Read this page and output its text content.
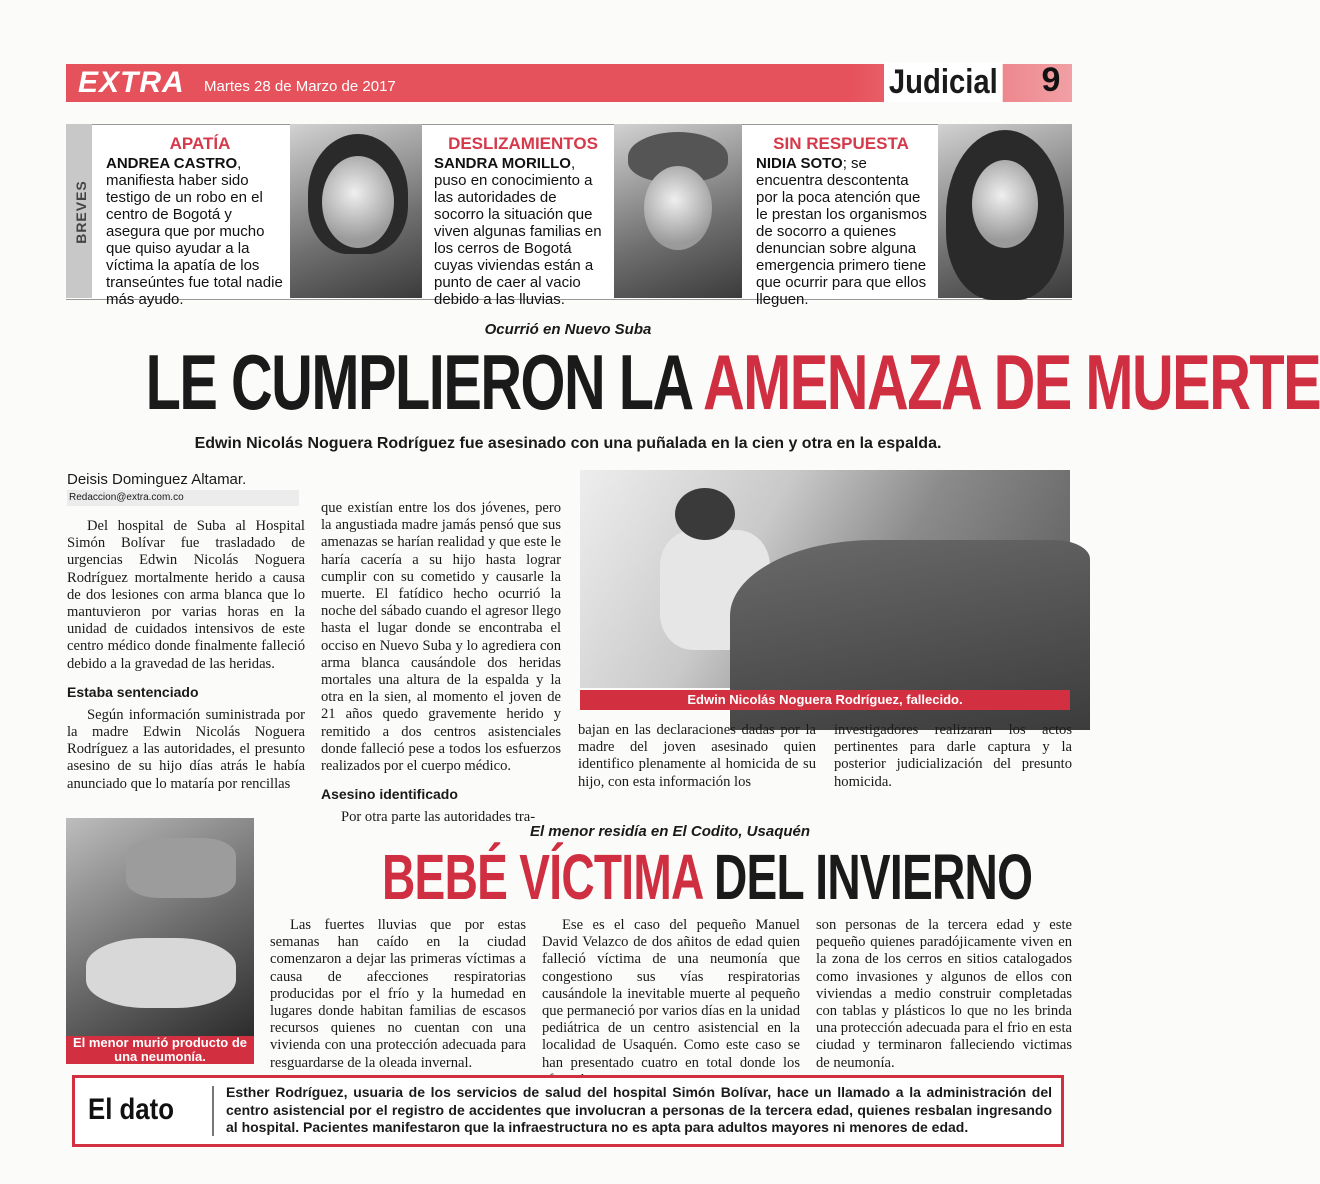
EXTRA Martes 28 de Marzo de 2017	Judicial	9
BREVES
APATÍA
ANDREA CASTRO, manifiesta haber sido testigo de un robo en el centro de Bogotá y asegura que por mucho que quiso ayudar a la víctima la apatía de los transeúntes fue total nadie más ayudo.
DESLIZAMIENTOS
SANDRA MORILLO, puso en conocimiento a las autoridades de socorro la situación que viven algunas familias en los cerros de Bogotá cuyas viviendas están a punto de caer al vacio debido a las lluvias.
SIN RESPUESTA
NIDIA SOTO; se encuentra descontenta por la poca atención que le prestan los organismos de socorro a quienes denuncian sobre alguna emergencia primero tiene que ocurrir para que ellos lleguen.
Ocurrió en Nuevo Suba
LE CUMPLIERON LA AMENAZA DE MUERTE
Edwin Nicolás Noguera Rodríguez fue asesinado con una puñalada en la cien y otra en la espalda.
Deisis Dominguez Altamar.
Redaccion@extra.com.co

Del hospital de Suba al Hospital Simón Bolívar fue trasladado de urgencias Edwin Nicolás Noguera Rodríguez mortalmente herido a causa de dos lesiones con arma blanca que lo mantuvieron por varias horas en la unidad de cuidados intensivos de este centro médico donde finalmente falleció debido a la gravedad de las heridas.

Estaba sentenciado

Según información suministrada por la madre Edwin Nicolás Noguera Rodríguez a las autoridades, el presunto asesino de su hijo días atrás le había anunciado que lo mataría por rencillas

que existían entre los dos jóvenes, pero la angustiada madre jamás pensó que sus amenazas se harían realidad y que este le haría cacería a su hijo hasta lograr cumplir con su cometido y causarle la muerte. El fatídico hecho ocurrió la noche del sábado cuando el agresor llego hasta el lugar donde se encontraba el occiso en Nuevo Suba y lo agrediera con arma blanca causándole dos heridas mortales una altura de la espalda y la otra en la sien, al momento el joven de 21 años quedo gravemente herido y remitido a dos centros asistenciales donde falleció pese a todos los esfuerzos realizados por el cuerpo médico.

Asesino identificado

Por otra parte las autoridades tra-

Edwin Nicolás Noguera Rodríguez, fallecido.

bajan en las declaraciones dadas por la madre del joven asesinado quien identifico plenamente al homicida de su hijo, con esta información los

investigadores realizaran los actos pertinentes para darle captura y la posterior judicialización del presunto homicida.

El menor murió producto de una neumonía.
El menor residía en El Codito, Usaquén
BEBÉ VÍCTIMA DEL INVIERNO

Las fuertes lluvias que por estas semanas han caído en la ciudad comenzaron a dejar las primeras víctimas a causa de afecciones respiratorias producidas por el frío y la humedad en lugares donde habitan familias de escasos recursos quienes no cuentan con una vivienda con una protección adecuada para resguardarse de la oleada invernal.

Ese es el caso del pequeño Manuel David Velazco de dos añitos de edad quien falleció víctima de una neumonía que congestiono sus vías respiratorias causándole la inevitable muerte al pequeño que permaneció por varios días en la unidad pediátrica de un centro asistencial en la localidad de Usaquén. Como este caso se han presentado cuatro en total donde los

son personas de la tercera edad y este pequeño quienes paradójicamente viven en la zona de los cerros en sitios catalogados como invasiones y algunos de ellos con viviendas a medio construir completadas con tablas y plásticos lo que no les brinda una protección adecuada para el frio en esta ciudad y terminaron falleciendo victimas de neumonía.

El dato
Esther Rodríguez, usuaria de los servicios de salud del hospital Simón Bolívar, hace un llamado a la administración del centro asistencial por el registro de accidentes que involucran a personas de la tercera edad, quienes resbalan ingresando al hospital. Pacientes manifestaron que la infraestructura no es apta para adultos mayores ni menores de edad.
